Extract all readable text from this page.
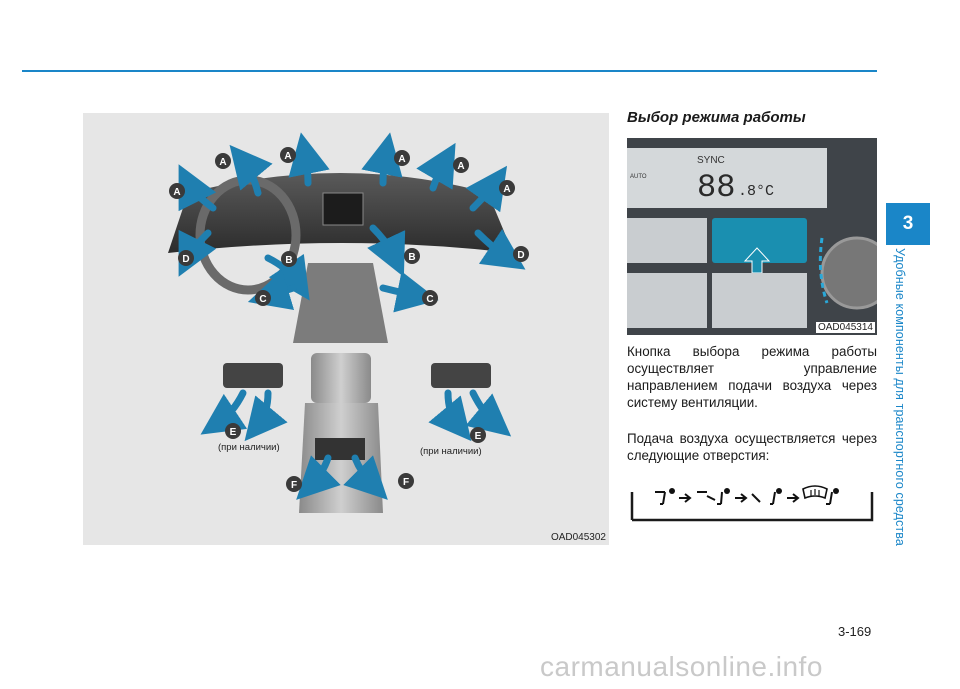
A
A
A	A
A
A
B	B
C	C
D	D
E	E
F	F
(при наличии)	(при наличии)
OAD045302
Выбор режима работы
SYNC
88 .8°C
AUTO
OAD045314

Кнопка выбора режима работы осуществляет управление направлением подачи воздуха через систему вентиляции.

Подача воздуха осуществляется через следующие отверстия:

3
Удобные компоненты для транспортного средства
3-169
carmanualsonline.info
